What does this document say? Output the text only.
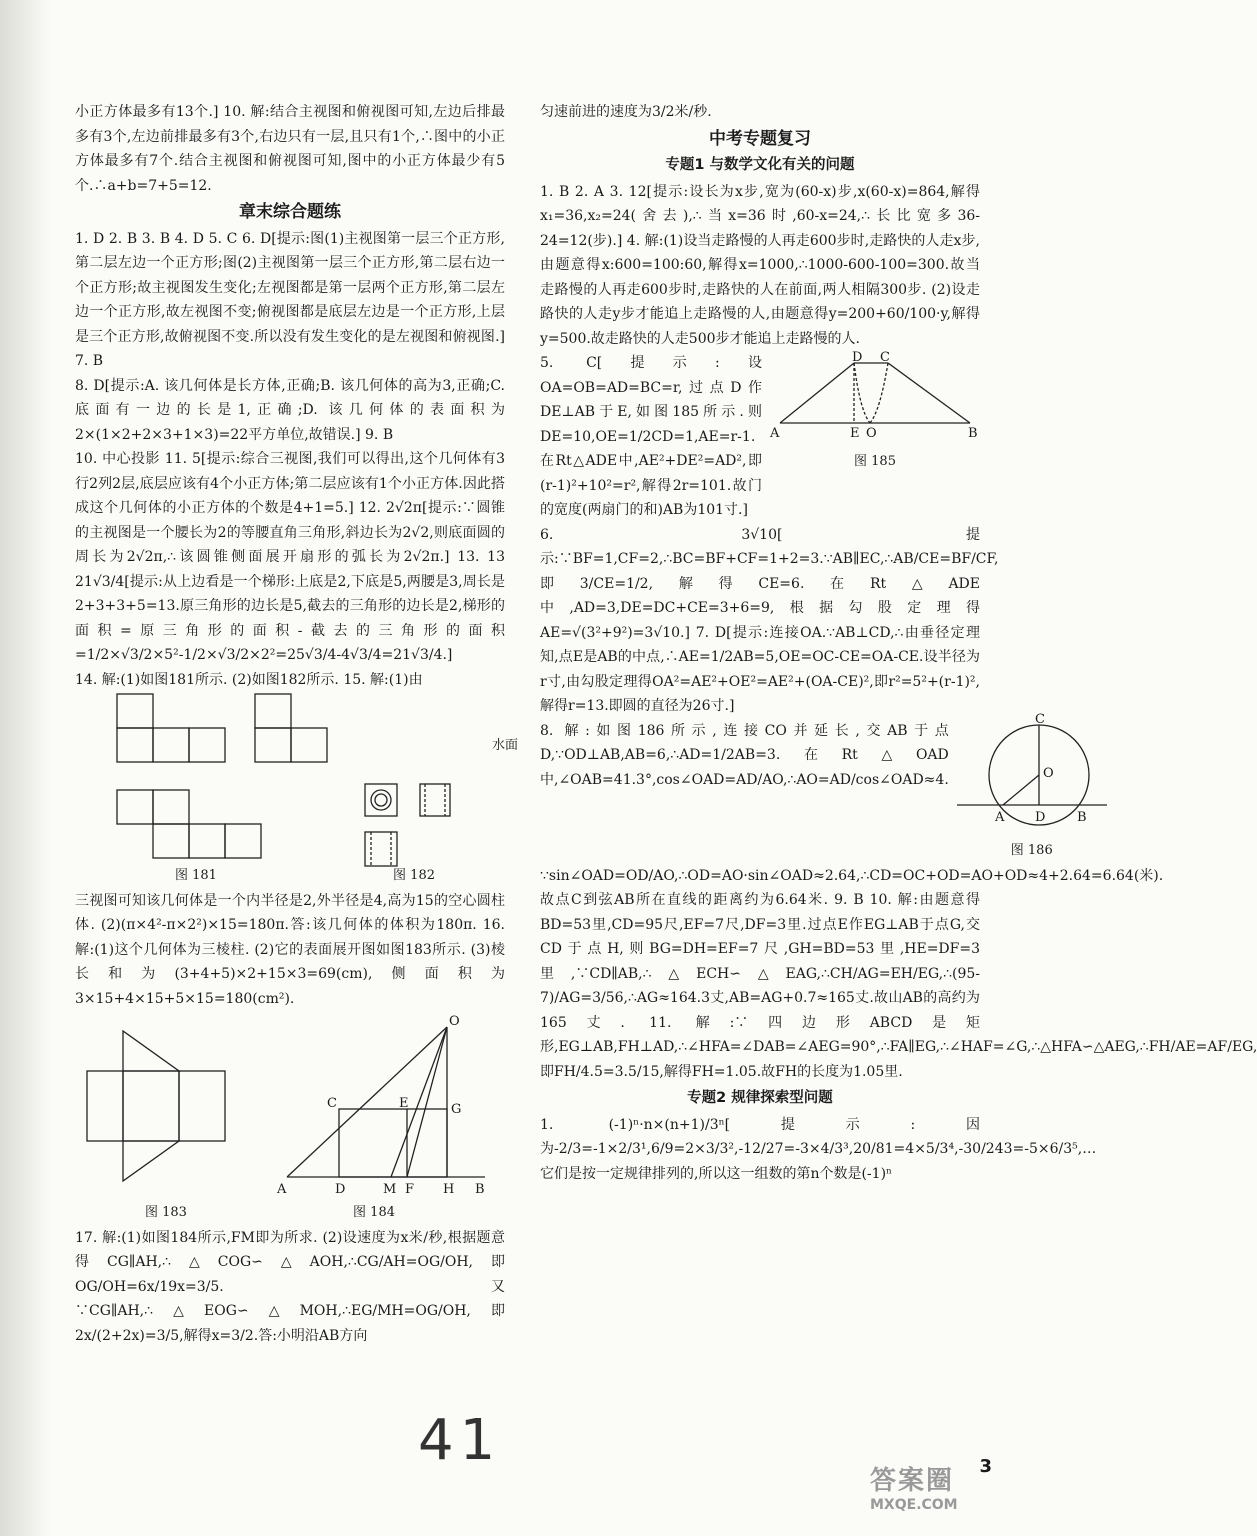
小正方体最多有13个.] 10. 解:结合主视图和俯视图可知,左边后排最多有3个,左边前排最多有3个,右边只有一层,且只有1个,∴图中的小正方体最多有7个.结合主视图和俯视图可知,图中的小正方体最少有5个.∴a+b=7+5=12.

章末综合题练

1. D 2. B 3. B 4. D 5. C 6. D[提示:图(1)主视图第一层三个正方形,第二层左边一个正方形;图(2)主视图第一层三个正方形,第二层右边一个正方形;故主视图发生变化;左视图都是第一层两个正方形,第二层左边一个正方形,故左视图不变;俯视图都是底层左边是一个正方形,上层是三个正方形,故俯视图不变.所以没有发生变化的是左视图和俯视图.] 7. B

8. D[提示:A. 该几何体是长方体,正确;B. 该几何体的高为3,正确;C. 底面有一边的长是1,正确;D. 该几何体的表面积为2×(1×2+2×3+1×3)=22平方单位,故错误.] 9. B

10. 中心投影 11. 5[提示:综合三视图,我们可以得出,这个几何体有3行2列2层,底层应该有4个小正方体;第二层应该有1个小正方体.因此搭成这个几何体的小正方体的个数是4+1=5.] 12. 2√2π[提示:∵圆锥的主视图是一个腰长为2的等腰直角三角形,斜边长为2√2,则底面圆的周长为2√2π,∴该圆锥侧面展开扇形的弧长为2√2π.] 13. 13 21√3/4[提示:从上边看是一个梯形:上底是2,下底是5,两腰是3,周长是2+3+3+5=13.原三角形的边长是5,截去的三角形的边长是2,梯形的面积=原三角形的面积-截去的三角形的面积 =1/2×√3/2×5²-1/2×√3/2×2²=25√3/4-4√3/4=21√3/4.]

14. 解:(1)如图181所示. (2)如图182所示. 15. 解:(1)由

图 181	图 182

三视图可知该几何体是一个内半径是2,外半径是4,高为15的空心圆柱体. (2)(π×4²-π×2²)×15=180π.答:该几何体的体积为180π. 16. 解:(1)这个几何体为三棱柱. (2)它的表面展开图如图183所示. (3)棱长和为(3+4+5)×2+15×3=69(cm),侧面积为3×15+4×15+5×15=180(cm²).

O
C	E	G
A	D	M F H B
图 183	图 184

17. 解:(1)如图184所示,FM即为所求. (2)设速度为x米/秒,根据题意得CG∥AH,∴△COG∽△AOH,∴CG/AH=OG/OH,即OG/OH=6x/19x=3/5.又∵CG∥AH,∴△EOG∽△MOH,∴EG/MH=OG/OH,即2x/(2+2x)=3/5,解得x=3/2.答:小明沿AB方向

匀速前进的速度为3/2米/秒.

中考专题复习
专题1 与数学文化有关的问题

1. B 2. A 3. 12[提示:设长为x步,宽为(60-x)步,x(60-x)=864,解得x₁=36,x₂=24(舍去),∴当x=36时,60-x=24,∴长比宽多36-24=12(步).] 4. 解:(1)设当走路慢的人再走600步时,走路快的人走x步,由题意得x:600=100:60,解得x=1000,∴1000-600-100=300.故当走路慢的人再走600步时,走路快的人在前面,两人相隔300步. (2)设走路快的人走y步才能追上走路慢的人,由题意得y=200+60/100·y,解得y=500.故走路快的人走500步才能追上走路慢的人.

5. C[提示:设OA=OB=AD=BC=r,过点D作DE⊥AB于E,如图185所示.则DE=10,OE=1/2CD=1,AE=r-1.在Rt△ADE中,AE²+DE²=AD²,即(r-1)²+10²=r²,解得2r=101.故门的宽度(两扇门的和)AB为101寸.]

D C
A	E O	B
图 185

6. 3√10[提示:∵BF=1,CF=2,∴BC=BF+CF=1+2=3.∵AB∥EC,∴AB/CE=BF/CF,即3/CE=1/2,解得CE=6.在Rt△ADE中,AD=3,DE=DC+CE=3+6=9,根据勾股定理得AE=√(3²+9²)=3√10.] 7. D[提示:连接OA.∵AB⊥CD,∴由垂径定理知,点E是AB的中点,∴AE=1/2AB=5,OE=OC-CE=OA-CE.设半径为r寸,由勾股定理得OA²=AE²+OE²=AE²+(OA-CE)²,即r²=5²+(r-1)²,解得r=13.即圆的直径为26寸.]

8. 解:如图186所示,连接CO并延长,交AB于点D,∵OD⊥AB,AB=6,∴AD=1/2AB=3.在Rt△OAD中,∠OAB=41.3°,cos∠OAD=AD/AO,∴AO=AD/cos∠OAD≈4.

C
O
A D B
图 186
水面

∵sin∠OAD=OD/AO,∴OD=AO·sin∠OAD≈2.64,∴CD=OC+OD=AO+OD≈4+2.64=6.64(米).故点C到弦AB所在直线的距离约为6.64米. 9. B 10. 解:由题意得BD=53里,CD=95尺,EF=7尺,DF=3里.过点E作EG⊥AB于点G,交CD于点H,则BG=DH=EF=7尺,GH=BD=53里,HE=DF=3里,∵CD∥AB,∴△ECH∽△EAG,∴CH/AG=EH/EG,∴(95-7)/AG=3/56,∴AG≈164.3丈,AB=AG+0.7≈165丈.故山AB的高约为165丈. 11. 解:∵四边形ABCD是矩形,EG⊥AB,FH⊥AD,∴∠HFA=∠DAB=∠AEG=90°,∴FA∥EG,∴∠HAF=∠G,∴△HFA∽△AEG,∴FH/AE=AF/EG,即FH/4.5=3.5/15,解得FH=1.05.故FH的长度为1.05里.

专题2 规律探索型问题

1. (-1)ⁿ·n×(n+1)/3ⁿ[提示:因为-2/3=-1×2/3¹,6/9=2×3/3²,-12/27=-3×4/3³,20/81=4×5/3⁴,-30/243=-5×6/3⁵,…它们是按一定规律排列的,所以这一组数的第n个数是(-1)ⁿ

41	3
答案圈
MXQE.COM
